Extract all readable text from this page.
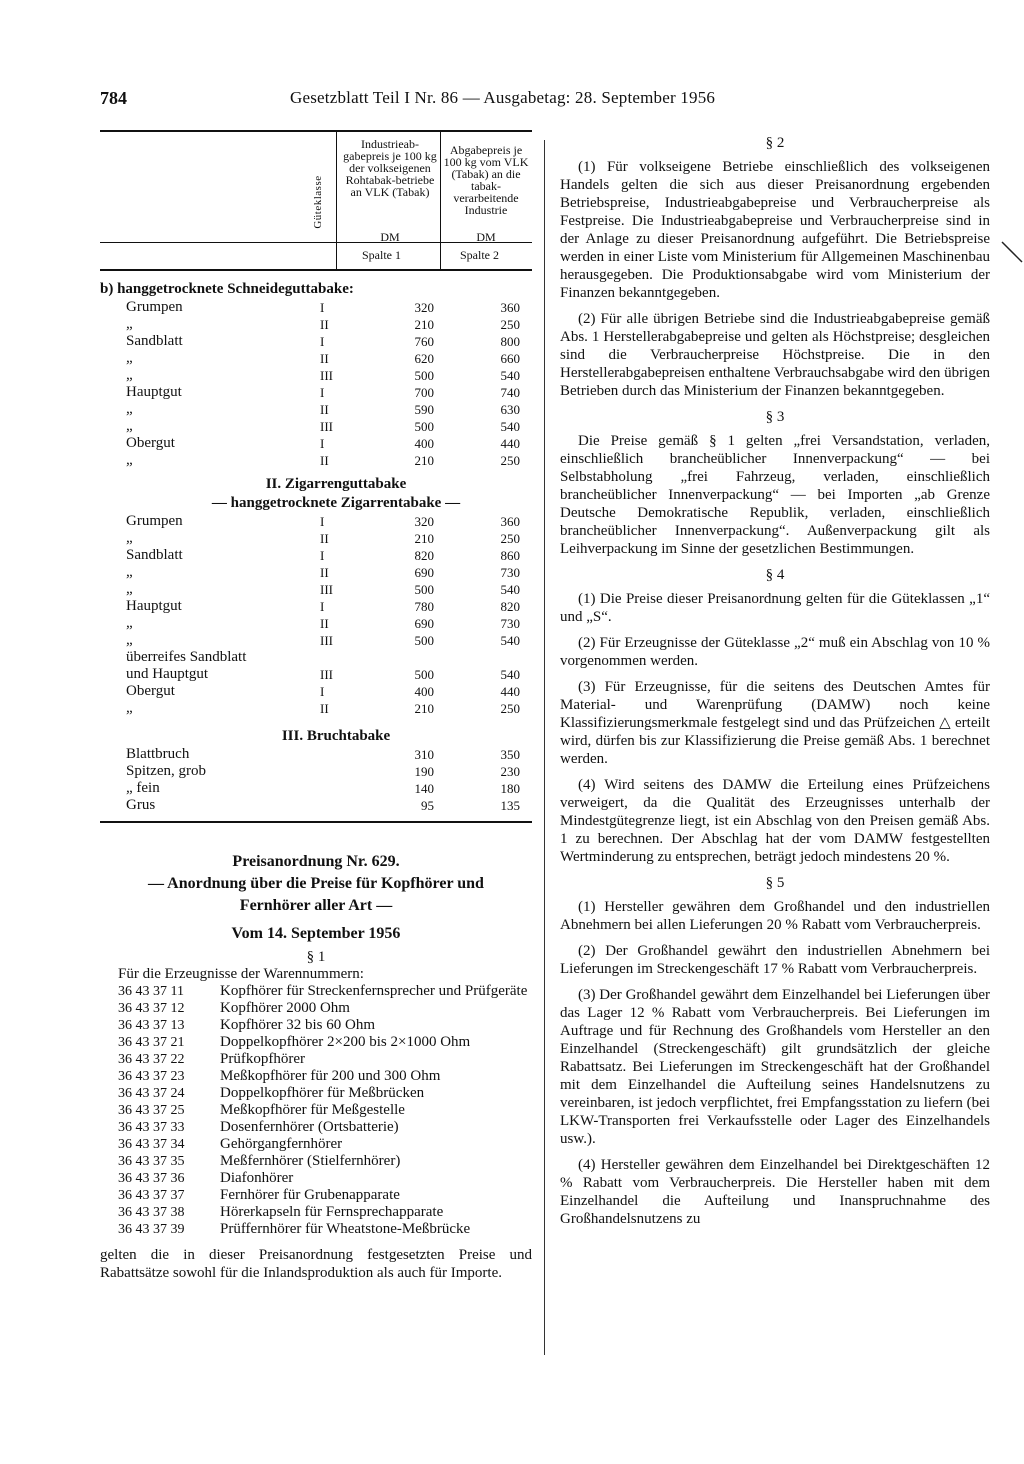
784	Gesetzblatt Teil I Nr. 86 — Ausgabetag: 28. September 1956
Güteklasse
Industrieab-gabepreis je 100 kg der volkseigenen Rohtabak-betriebe an VLK (Tabak)
Abgabepreis je 100 kg vom VLK (Tabak) an die tabak-verarbeitende Industrie
DM	DM
Spalte 1	Spalte 2
b) hanggetrocknete Schneideguttabake:
Grumpen	I	320	360
„	II	210	250
Sandblatt	I	760	800
„	II	620	660
„	III	500	540
Hauptgut	I	700	740
„	II	590	630
„	III	500	540
Obergut	I	400	440
„	II	210	250
II. Zigarrenguttabake
— hanggetrocknete Zigarrentabake —
Grumpen	I	320	360
„	II	210	250
Sandblatt	I	820	860
„	II	690	730
„	III	500	540
Hauptgut	I	780	820
„	II	690	730
„	III	500	540
überreifes Sandblatt
und Hauptgut	III	500	540
Obergut	I	400	440
„	II	210	250
III. Bruchtabake
Blattbruch	310	350
Spitzen, grob	190	230
„ fein	140	180
Grus	95	135
Preisanordnung Nr. 629.
— Anordnung über die Preise für Kopfhörer und
Fernhörer aller Art —
Vom 14. September 1956
§ 1
Für die Erzeugnisse der Warennummern:
36 43 37 11	Kopfhörer für Streckenfernsprecher und Prüfgeräte
36 43 37 12	Kopfhörer 2000 Ohm
36 43 37 13	Kopfhörer 32 bis 60 Ohm
36 43 37 21	Doppelkopfhörer 2×200 bis 2×1000 Ohm
36 43 37 22	Prüfkopfhörer
36 43 37 23	Meßkopfhörer für 200 und 300 Ohm
36 43 37 24	Doppelkopfhörer für Meßbrücken
36 43 37 25	Meßkopfhörer für Meßgestelle
36 43 37 33	Dosenfernhörer (Ortsbatterie)
36 43 37 34	Gehörgangfernhörer
36 43 37 35	Meßfernhörer (Stielfernhörer)
36 43 37 36	Diafonhörer
36 43 37 37	Fernhörer für Grubenapparate
36 43 37 38	Hörerkapseln für Fernsprechapparate
36 43 37 39	Prüffernhörer für Wheatstone-Meßbrücke
gelten die in dieser Preisanordnung festgesetzten Preise und Rabattsätze sowohl für die Inlandsproduktion als auch für Importe.

§ 2

(1) Für volkseigene Betriebe einschließlich des volkseigenen Handels gelten die sich aus dieser Preisanordnung ergebenden Betriebspreise, Industrieabgabepreise und Verbraucherpreise als Festpreise. Die Industrieabgabepreise und Verbraucherpreise sind in der Anlage zu dieser Preisanordnung aufgeführt. Die Betriebspreise werden in einer Liste vom Ministerium für Allgemeinen Maschinenbau herausgegeben. Die Produktionsabgabe wird vom Ministerium der Finanzen bekanntgegeben.

(2) Für alle übrigen Betriebe sind die Industrieabgabepreise gemäß Abs. 1 Herstellerabgabepreise und gelten als Höchstpreise; desgleichen sind die Verbraucherpreise Höchstpreise. Die in den Herstellerabgabepreisen enthaltene Verbrauchsabgabe wird den übrigen Betrieben durch das Ministerium der Finanzen bekanntgegeben.

§ 3

Die Preise gemäß § 1 gelten „frei Versandstation, verladen, einschließlich brancheüblicher Innenverpackung“ — bei Selbstabholung „frei Fahrzeug, verladen, einschließlich brancheüblicher Innenverpackung“ — bei Importen „ab Grenze Deutsche Demokratische Republik, verladen, einschließlich brancheüblicher Innenverpackung“. Außenverpackung gilt als Leihverpackung im Sinne der gesetzlichen Bestimmungen.

§ 4

(1) Die Preise dieser Preisanordnung gelten für die Güteklassen „1“ und „S“.

(2) Für Erzeugnisse der Güteklasse „2“ muß ein Abschlag von 10 % vorgenommen werden.

(3) Für Erzeugnisse, für die seitens des Deutschen Amtes für Material- und Warenprüfung (DAMW) noch keine Klassifizierungsmerkmale festgelegt sind und das Prüfzeichen △ erteilt wird, dürfen bis zur Klassifizierung die Preise gemäß Abs. 1 berechnet werden.

(4) Wird seitens des DAMW die Erteilung eines Prüfzeichens verweigert, da die Qualität des Erzeugnisses unterhalb der Mindestgütegrenze liegt, ist ein Abschlag von den Preisen gemäß Abs. 1 zu berechnen. Der Abschlag hat der vom DAMW festgestellten Wertminderung zu entsprechen, beträgt jedoch mindestens 20 %.

§ 5

(1) Hersteller gewähren dem Großhandel und den industriellen Abnehmern bei allen Lieferungen 20 % Rabatt vom Verbraucherpreis.

(2) Der Großhandel gewährt den industriellen Abnehmern bei Lieferungen im Streckengeschäft 17 % Rabatt vom Verbraucherpreis.

(3) Der Großhandel gewährt dem Einzelhandel bei Lieferungen über das Lager 12 % Rabatt vom Verbraucherpreis. Bei Lieferungen im Auftrage und für Rechnung des Großhandels vom Hersteller an den Einzelhandel (Streckengeschäft) gilt grundsätzlich der gleiche Rabattsatz. Bei Lieferungen im Streckengeschäft hat der Großhandel mit dem Einzelhandel die Aufteilung seines Handelsnutzens zu vereinbaren, ist jedoch verpflichtet, frei Empfangsstation zu liefern (bei LKW-Transporten frei Verkaufsstelle oder Lager des Einzelhandels usw.).

(4) Hersteller gewähren dem Einzelhandel bei Direktgeschäften 12 % Rabatt vom Verbraucherpreis. Die Hersteller haben mit dem Einzelhandel die Aufteilung und Inanspruchnahme des Großhandelsnutzens zu
